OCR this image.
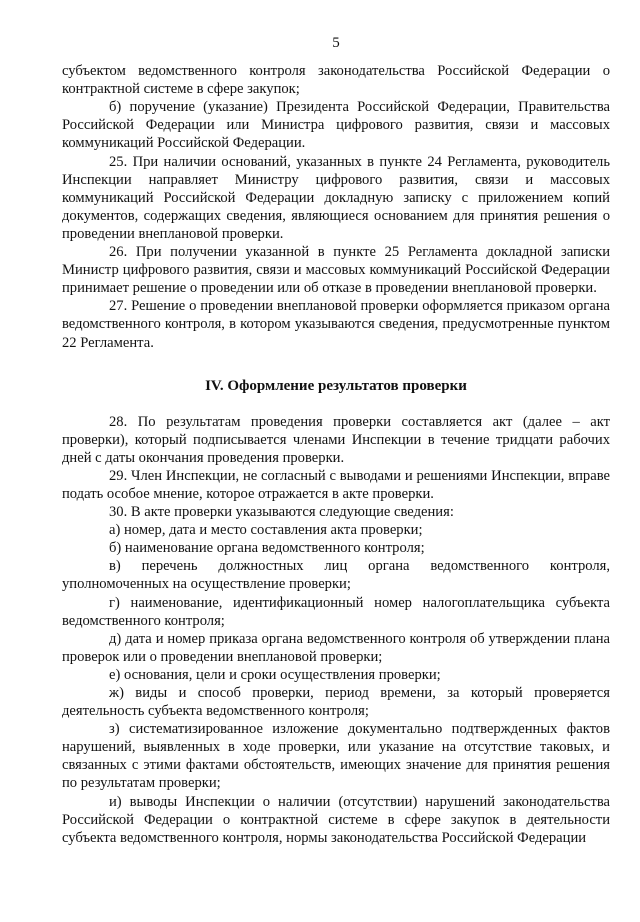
5

субъектом ведомственного контроля законодательства Российской Федерации о контрактной системе в сфере закупок;

б) поручение (указание) Президента Российской Федерации, Правительства Российской Федерации или Министра цифрового развития, связи и массовых коммуникаций Российской Федерации.

25. При наличии оснований, указанных в пункте 24 Регламента, руководитель Инспекции направляет Министру цифрового развития, связи и массовых коммуникаций Российской Федерации докладную записку с приложением копий документов, содержащих сведения, являющиеся основанием для принятия решения о проведении внеплановой проверки.

26. При получении указанной в пункте 25 Регламента докладной записки Министр цифрового развития, связи и массовых коммуникаций Российской Федерации принимает решение о проведении или об отказе в проведении внеплановой проверки.

27. Решение о проведении внеплановой проверки оформляется приказом органа ведомственного контроля, в котором указываются сведения, предусмотренные пунктом 22 Регламента.

IV. Оформление результатов проверки

28. По результатам проведения проверки составляется акт (далее – акт проверки), который подписывается членами Инспекции в течение тридцати рабочих дней с даты окончания проведения проверки.

29. Член Инспекции, не согласный с выводами и решениями Инспекции, вправе подать особое мнение, которое отражается в акте проверки.

30. В акте проверки указываются следующие сведения:

а) номер, дата и место составления акта проверки;

б) наименование органа ведомственного контроля;

в) перечень должностных лиц органа ведомственного контроля, уполномоченных на осуществление проверки;

г) наименование, идентификационный номер налогоплательщика субъекта ведомственного контроля;

д) дата и номер приказа органа ведомственного контроля об утверждении плана проверок или о проведении внеплановой проверки;

е) основания, цели и сроки осуществления проверки;

ж) виды и способ проверки, период времени, за который проверяется деятельность субъекта ведомственного контроля;

з) систематизированное изложение документально подтвержденных фактов нарушений, выявленных в ходе проверки, или указание на отсутствие таковых, и связанных с этими фактами обстоятельств, имеющих значение для принятия решения по результатам проверки;

и) выводы Инспекции о наличии (отсутствии) нарушений законодательства Российской Федерации о контрактной системе в сфере закупок в деятельности субъекта ведомственного контроля, нормы законодательства Российской Федерации
